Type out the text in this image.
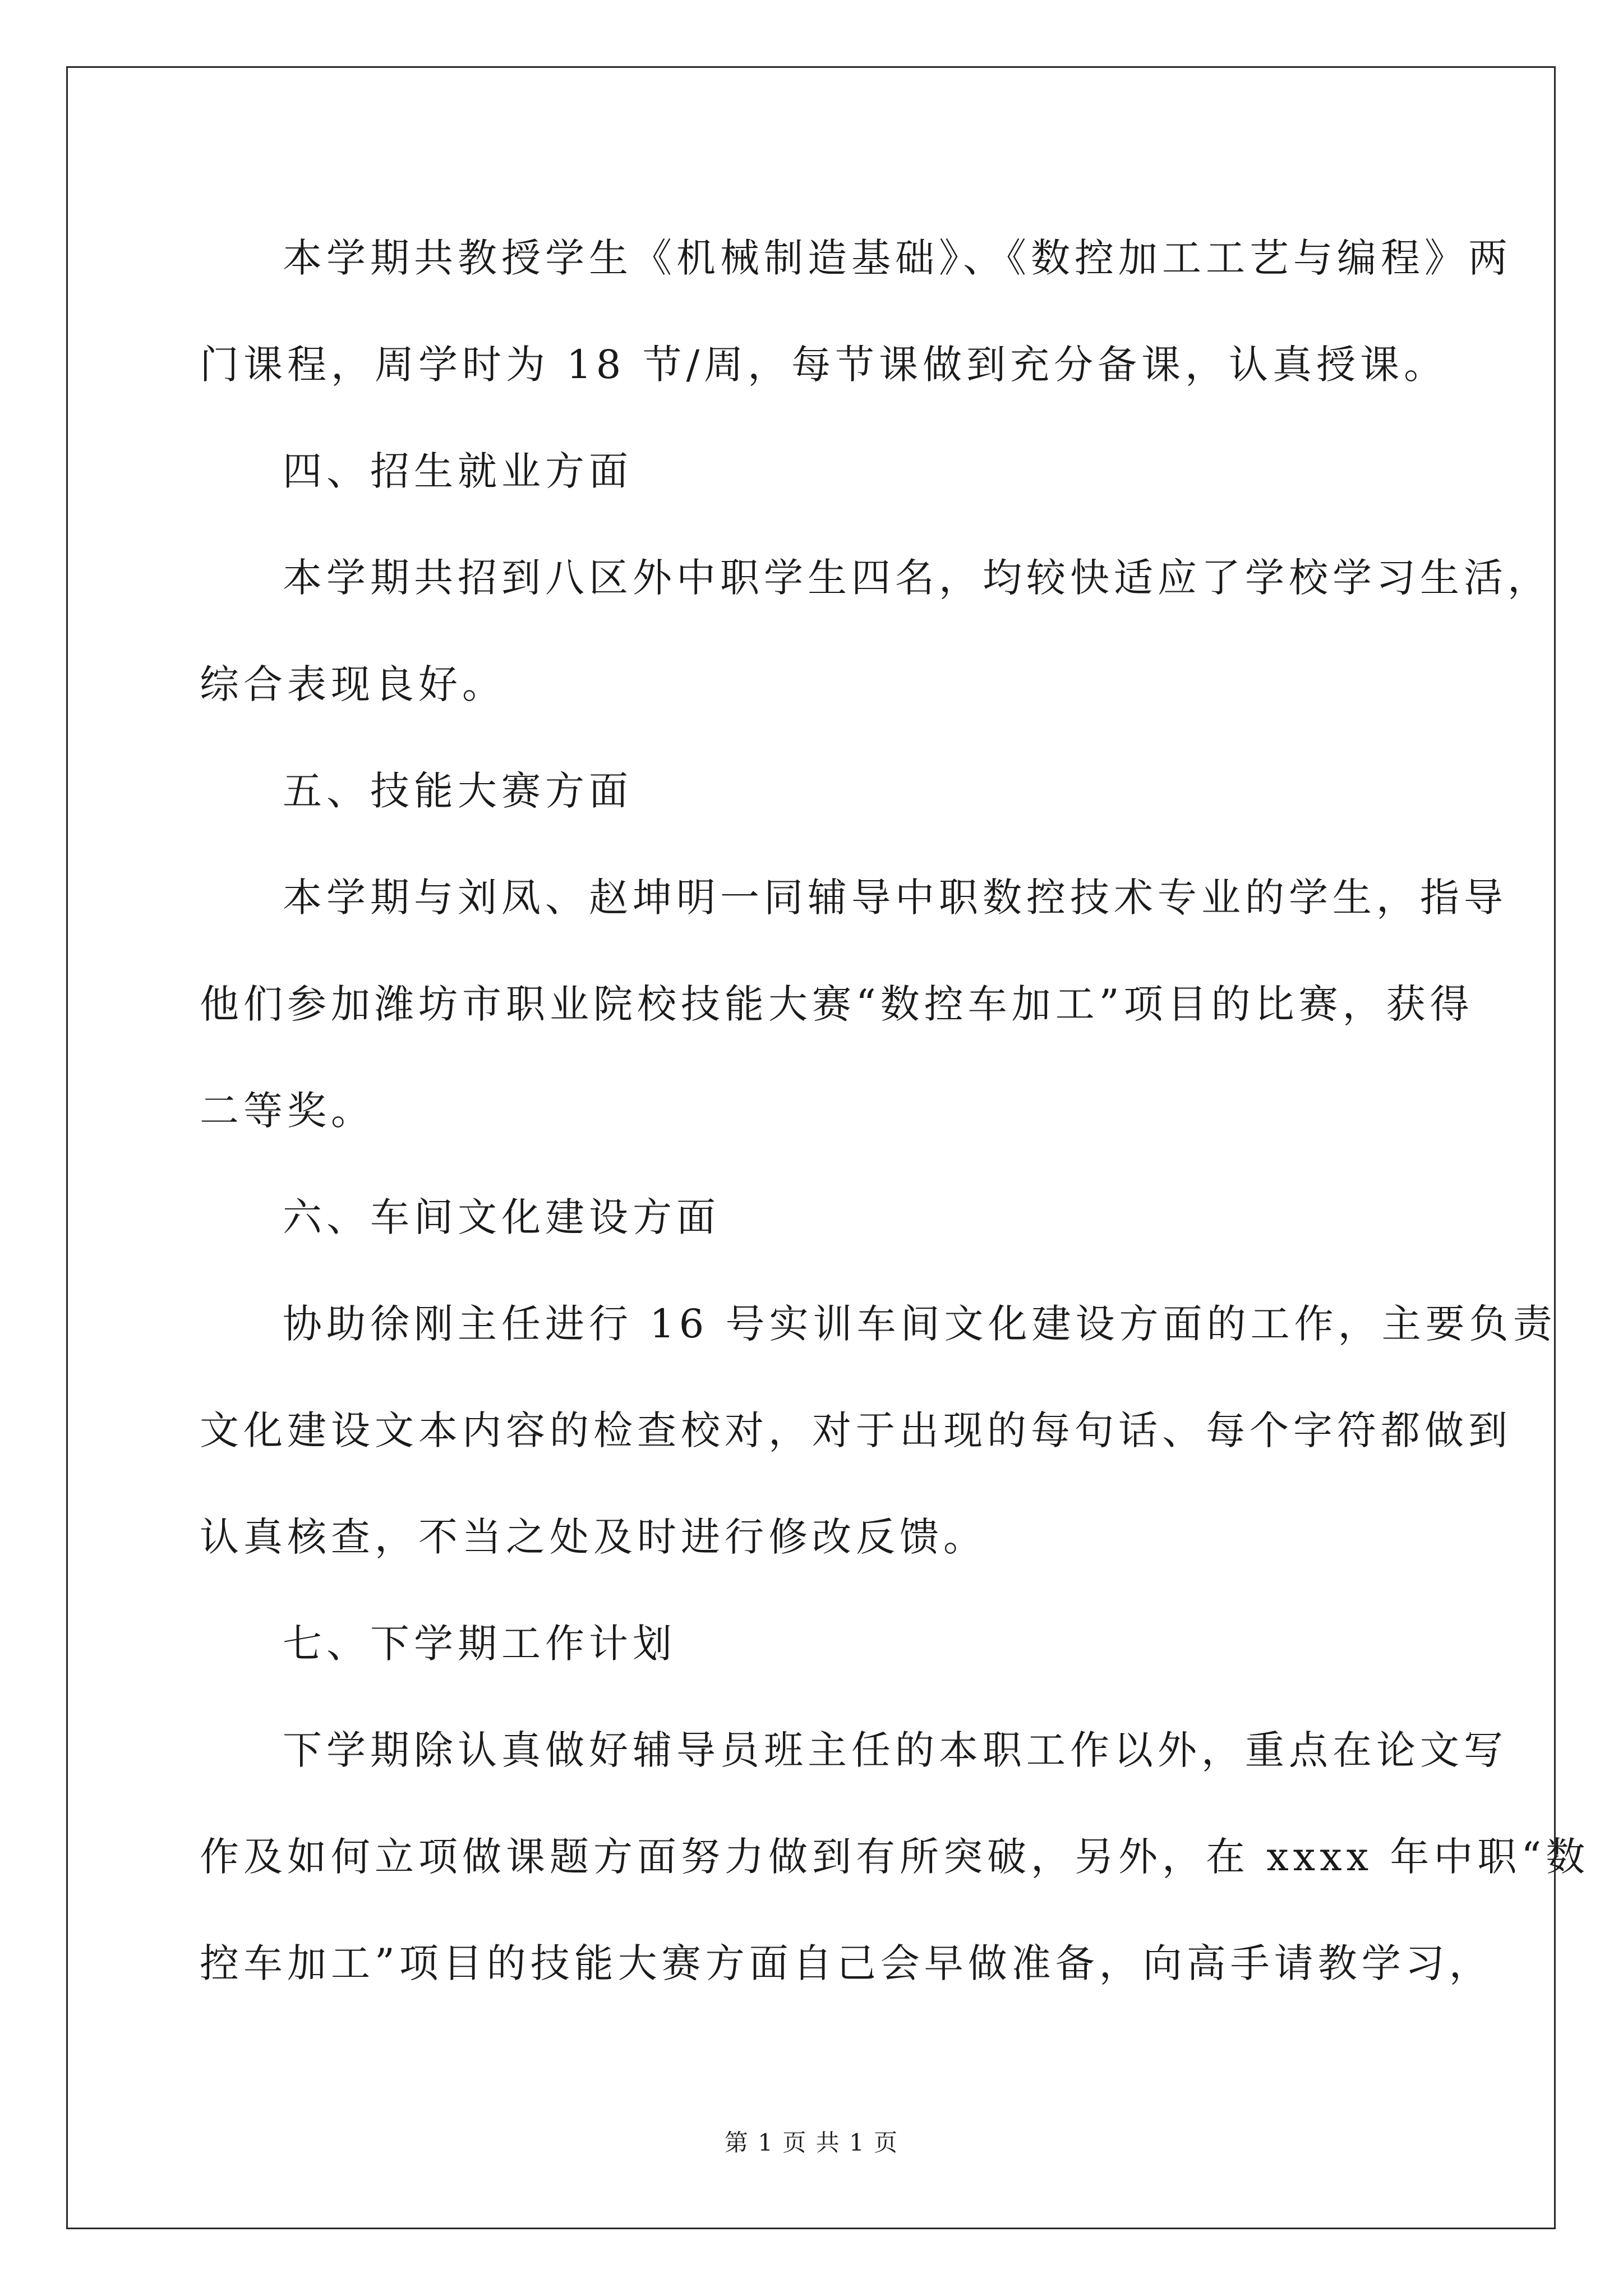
本学期共教授学生《机械制造基础》、《数控加工工艺与编程》两
门课程，周学时为 18 节/周，每节课做到充分备课，认真授课。
四、招生就业方面
本学期共招到八区外中职学生四名，均较快适应了学校学习生活，
综合表现良好。
五、技能大赛方面
本学期与刘凤、赵坤明一同辅导中职数控技术专业的学生，指导
他们参加潍坊市职业院校技能大赛“数控车加工”项目的比赛，获得
二等奖。
六、车间文化建设方面
协助徐刚主任进行 16 号实训车间文化建设方面的工作，主要负责
文化建设文本内容的检查校对，对于出现的每句话、每个字符都做到
认真核查，不当之处及时进行修改反馈。
七、下学期工作计划
下学期除认真做好辅导员班主任的本职工作以外，重点在论文写
作及如何立项做课题方面努力做到有所突破，另外，在 xxxx 年中职“数
控车加工”项目的技能大赛方面自己会早做准备，向高手请教学习，
第 1 页 共 1 页
